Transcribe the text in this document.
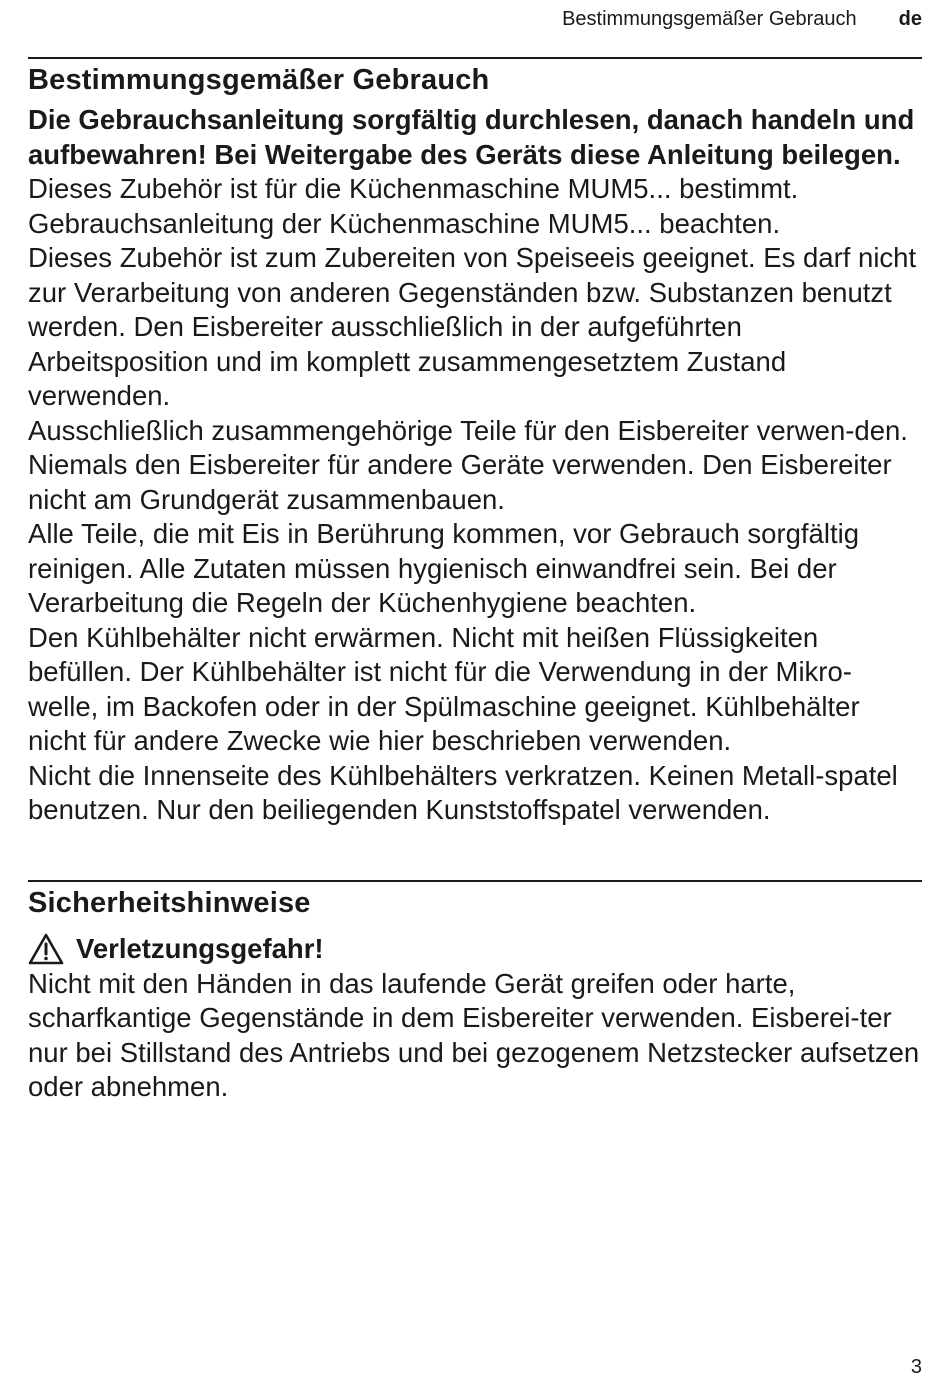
Bestimmungsgemäßer Gebrauch de
Bestimmungsgemäßer Gebrauch

Die Gebrauchsanleitung sorgfältig durchlesen, danach handeln und aufbewahren! Bei Weitergabe des Geräts diese Anleitung beilegen.

Dieses Zubehör ist für die Küchenmaschine MUM5... bestimmt. Gebrauchsanleitung der Küchenmaschine MUM5... beachten.

Dieses Zubehör ist zum Zubereiten von Speiseeis geeignet. Es darf nicht zur Verarbeitung von anderen Gegenständen bzw. Substanzen benutzt werden. Den Eisbereiter ausschließlich in der aufgeführten Arbeitsposition und im komplett zusammengesetztem Zustand verwenden.

Ausschließlich zusammengehörige Teile für den Eisbereiter verwen-den. Niemals den Eisbereiter für andere Geräte verwenden. Den Eisbereiter nicht am Grundgerät zusammenbauen.

Alle Teile, die mit Eis in Berührung kommen, vor Gebrauch sorgfältig reinigen. Alle Zutaten müssen hygienisch einwandfrei sein. Bei der Verarbeitung die Regeln der Küchenhygiene beachten.

Den Kühlbehälter nicht erwärmen. Nicht mit heißen Flüssigkeiten befüllen. Der Kühlbehälter ist nicht für die Verwendung in der Mikro-welle, im Backofen oder in der Spülmaschine geeignet. Kühlbehälter nicht für andere Zwecke wie hier beschrieben verwenden.

Nicht die Innenseite des Kühlbehälters verkratzen. Keinen Metall-spatel benutzen. Nur den beiliegenden Kunststoffspatel verwenden.

Sicherheitshinweise
Verletzungsgefahr!

Nicht mit den Händen in das laufende Gerät greifen oder harte, scharfkantige Gegenstände in dem Eisbereiter verwenden. Eisberei-ter nur bei Stillstand des Antriebs und bei gezogenem Netzstecker aufsetzen oder abnehmen.

3
